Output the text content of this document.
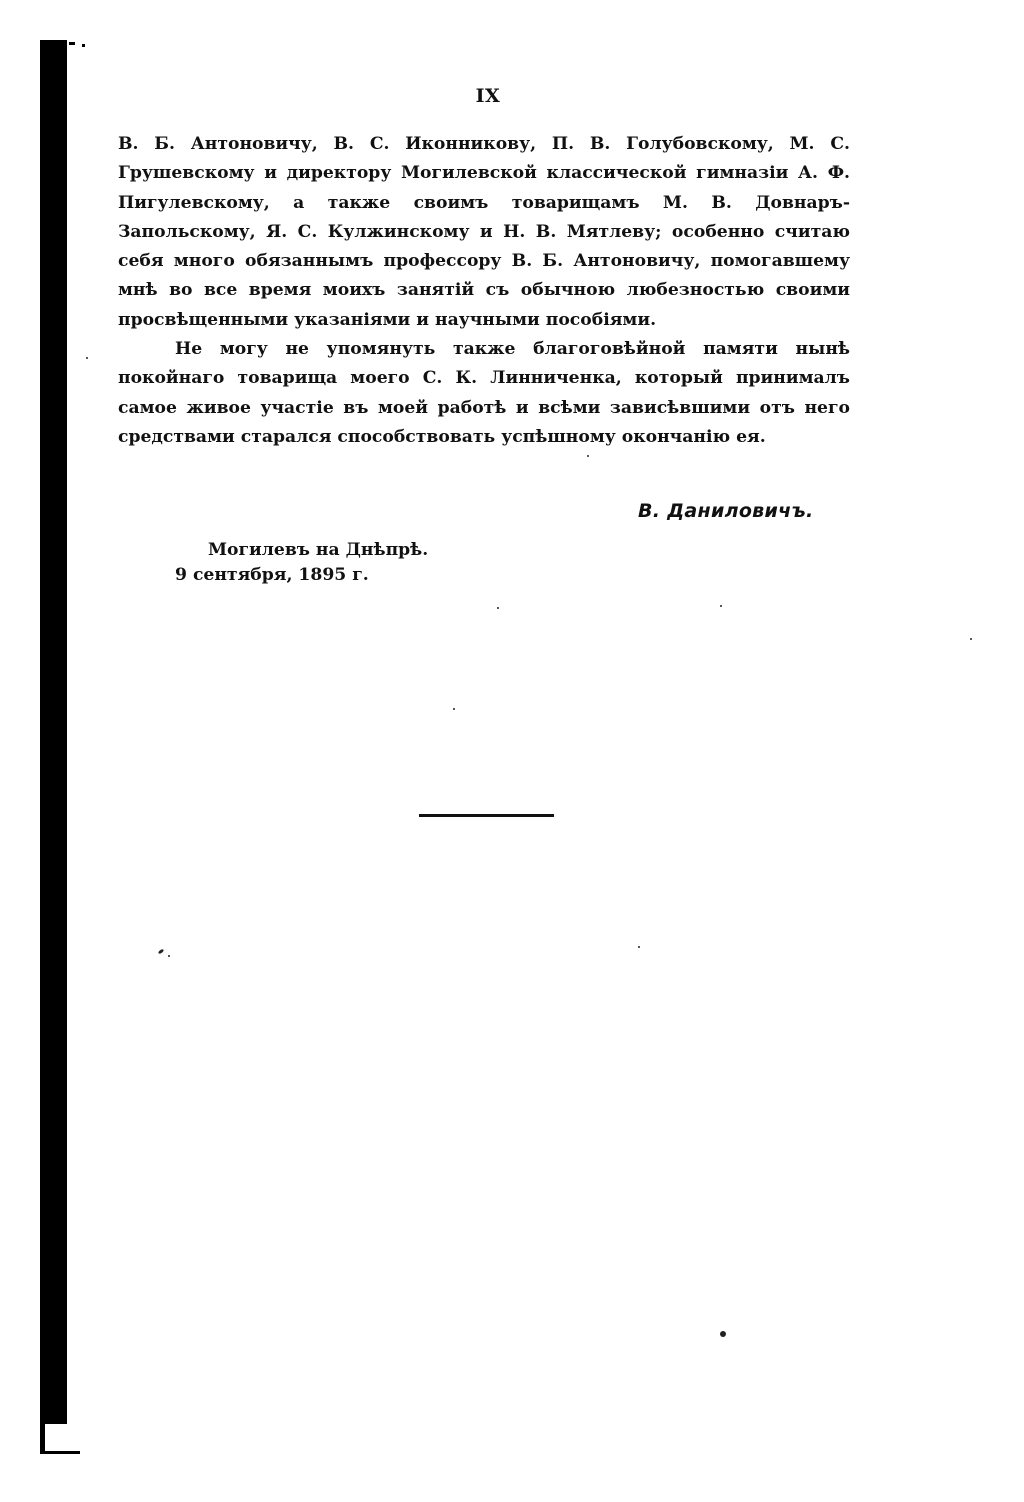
IX

В. Б. Антоновичу, В. С. Иконникову, П. В. Голубовскому, М. С. Грушевскому и директору Могилевской классической гимназіи А. Ф. Пигулевскому, а также своимъ товарищамъ М. В. Довнаръ-Запольскому, Я. С. Кулжинскому и Н. В. Мятлеву; особенно считаю себя много обязаннымъ профессору В. Б. Антоновичу, помогавшему мнѣ во все время моихъ занятій съ обычною любезностью своими просвѣщенными указаніями и научными пособіями.

Не могу не упомянуть также благоговѣйной памяти нынѣ покойнаго товарища моего С. К. Линниченка, который принималъ самое живое участіе въ моей работѣ и всѣми зависѣвшими отъ него средствами старался способствовать успѣшному окончанію ея.

В. Даниловичъ.
Могилевъ на Днѣпрѣ.
9 сентября, 1895 г.
